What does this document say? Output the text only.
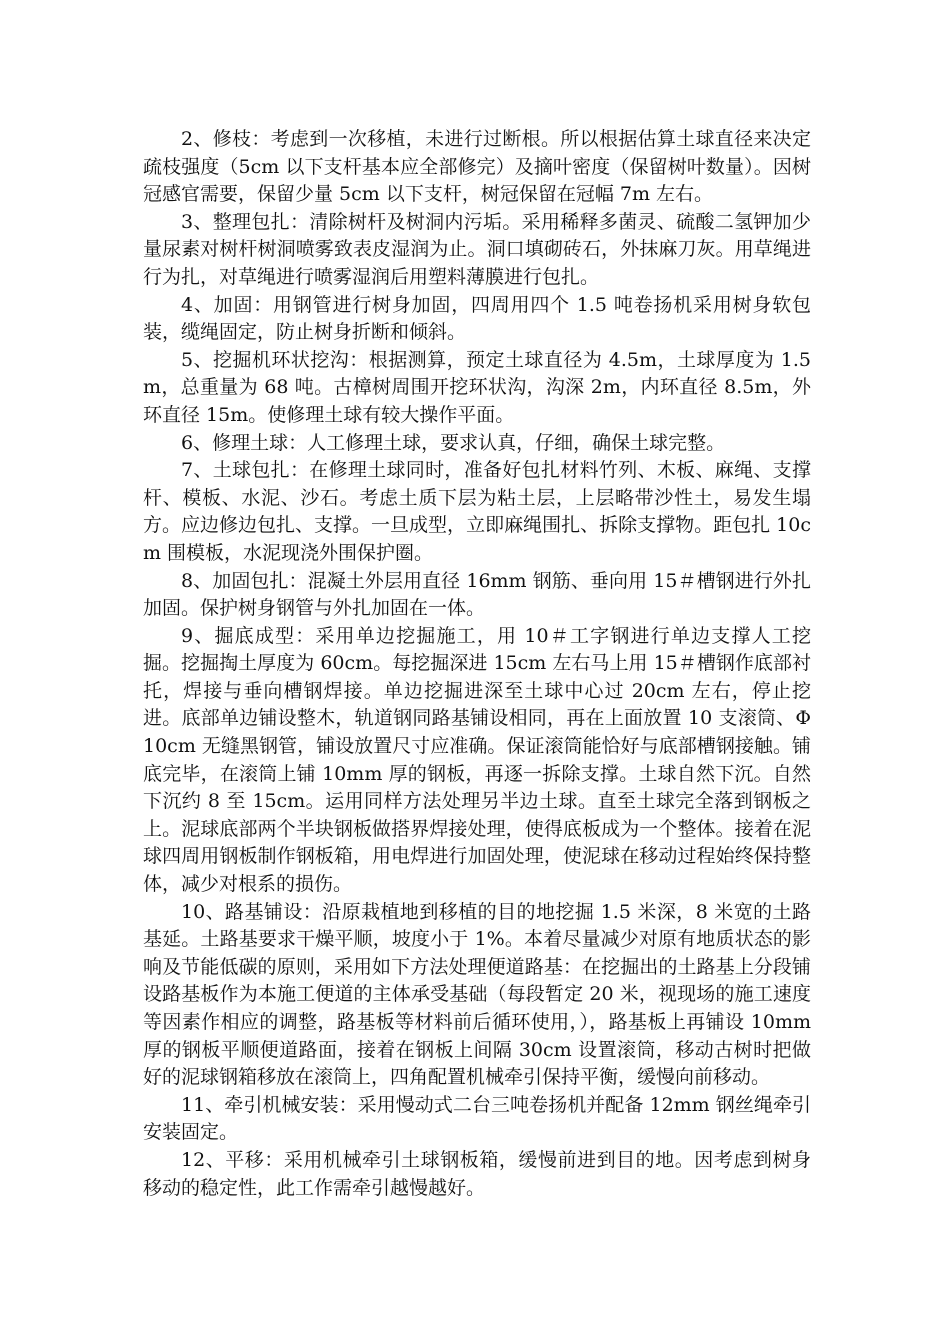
2、修枝：考虑到一次移植，未进行过断根。所以根据估算土球直径来决定疏枝强度（5cm 以下支杆基本应全部修完）及摘叶密度（保留树叶数量）。因树冠感官需要，保留少量 5cm 以下支杆，树冠保留在冠幅 7m 左右。

3、整理包扎：清除树杆及树洞内污垢。采用稀释多菌灵、硫酸二氢钾加少量尿素对树杆树洞喷雾致表皮湿润为止。洞口填砌砖石，外抹麻刀灰。用草绳进行为扎，对草绳进行喷雾湿润后用塑料薄膜进行包扎。

4、加固：用钢管进行树身加固，四周用四个 1.5 吨卷扬机采用树身软包装，缆绳固定，防止树身折断和倾斜。

5、挖掘机环状挖沟：根据测算，预定土球直径为 4.5m，土球厚度为 1.5m，总重量为 68 吨。古樟树周围开挖环状沟，沟深 2m，内环直径 8.5m，外环直径 15m。使修理土球有较大操作平面。

6、修理土球：人工修理土球，要求认真，仔细，确保土球完整。

7、土球包扎：在修理土球同时，准备好包扎材料竹列、木板、麻绳、支撑杆、模板、水泥、沙石。考虑土质下层为粘土层，上层略带沙性土，易发生塌方。应边修边包扎、支撑。一旦成型，立即麻绳围扎、拆除支撑物。距包扎 10cm 围模板，水泥现浇外围保护圈。

8、加固包扎：混凝土外层用直径 16mm 钢筋、垂向用 15＃槽钢进行外扎加固。保护树身钢管与外扎加固在一体。

9、掘底成型：采用单边挖掘施工，用 10＃工字钢进行单边支撑人工挖掘。挖掘掏土厚度为 60cm。每挖掘深进 15cm 左右马上用 15＃槽钢作底部衬托，焊接与垂向槽钢焊接。单边挖掘进深至土球中心过 20cm 左右，停止挖进。底部单边铺设整木，轨道钢同路基铺设相同，再在上面放置 10 支滚筒、Φ10cm 无缝黑钢管，铺设放置尺寸应准确。保证滚筒能恰好与底部槽钢接触。铺底完毕，在滚筒上铺 10mm 厚的钢板，再逐一拆除支撑。土球自然下沉。自然下沉约 8 至 15cm。运用同样方法处理另半边土球。直至土球完全落到钢板之上。泥球底部两个半块钢板做搭界焊接处理，使得底板成为一个整体。接着在泥球四周用钢板制作钢板箱，用电焊进行加固处理，使泥球在移动过程始终保持整体，减少对根系的损伤。

10、路基铺设：沿原栽植地到移植的目的地挖掘 1.5 米深，8 米宽的土路基延。土路基要求干燥平顺，坡度小于 1%。本着尽量减少对原有地质状态的影响及节能低碳的原则，采用如下方法处理便道路基：在挖掘出的土路基上分段铺设路基板作为本施工便道的主体承受基础（每段暂定 20 米，视现场的施工速度等因素作相应的调整，路基板等材料前后循环使用，），路基板上再铺设 10mm 厚的钢板平顺便道路面，接着在钢板上间隔 30cm 设置滚筒，移动古树时把做好的泥球钢箱移放在滚筒上，四角配置机械牵引保持平衡，缓慢向前移动。

11、牵引机械安装：采用慢动式二台三吨卷扬机并配备 12mm 钢丝绳牵引安装固定。

12、平移：采用机械牵引土球钢板箱，缓慢前进到目的地。因考虑到树身移动的稳定性，此工作需牵引越慢越好。
